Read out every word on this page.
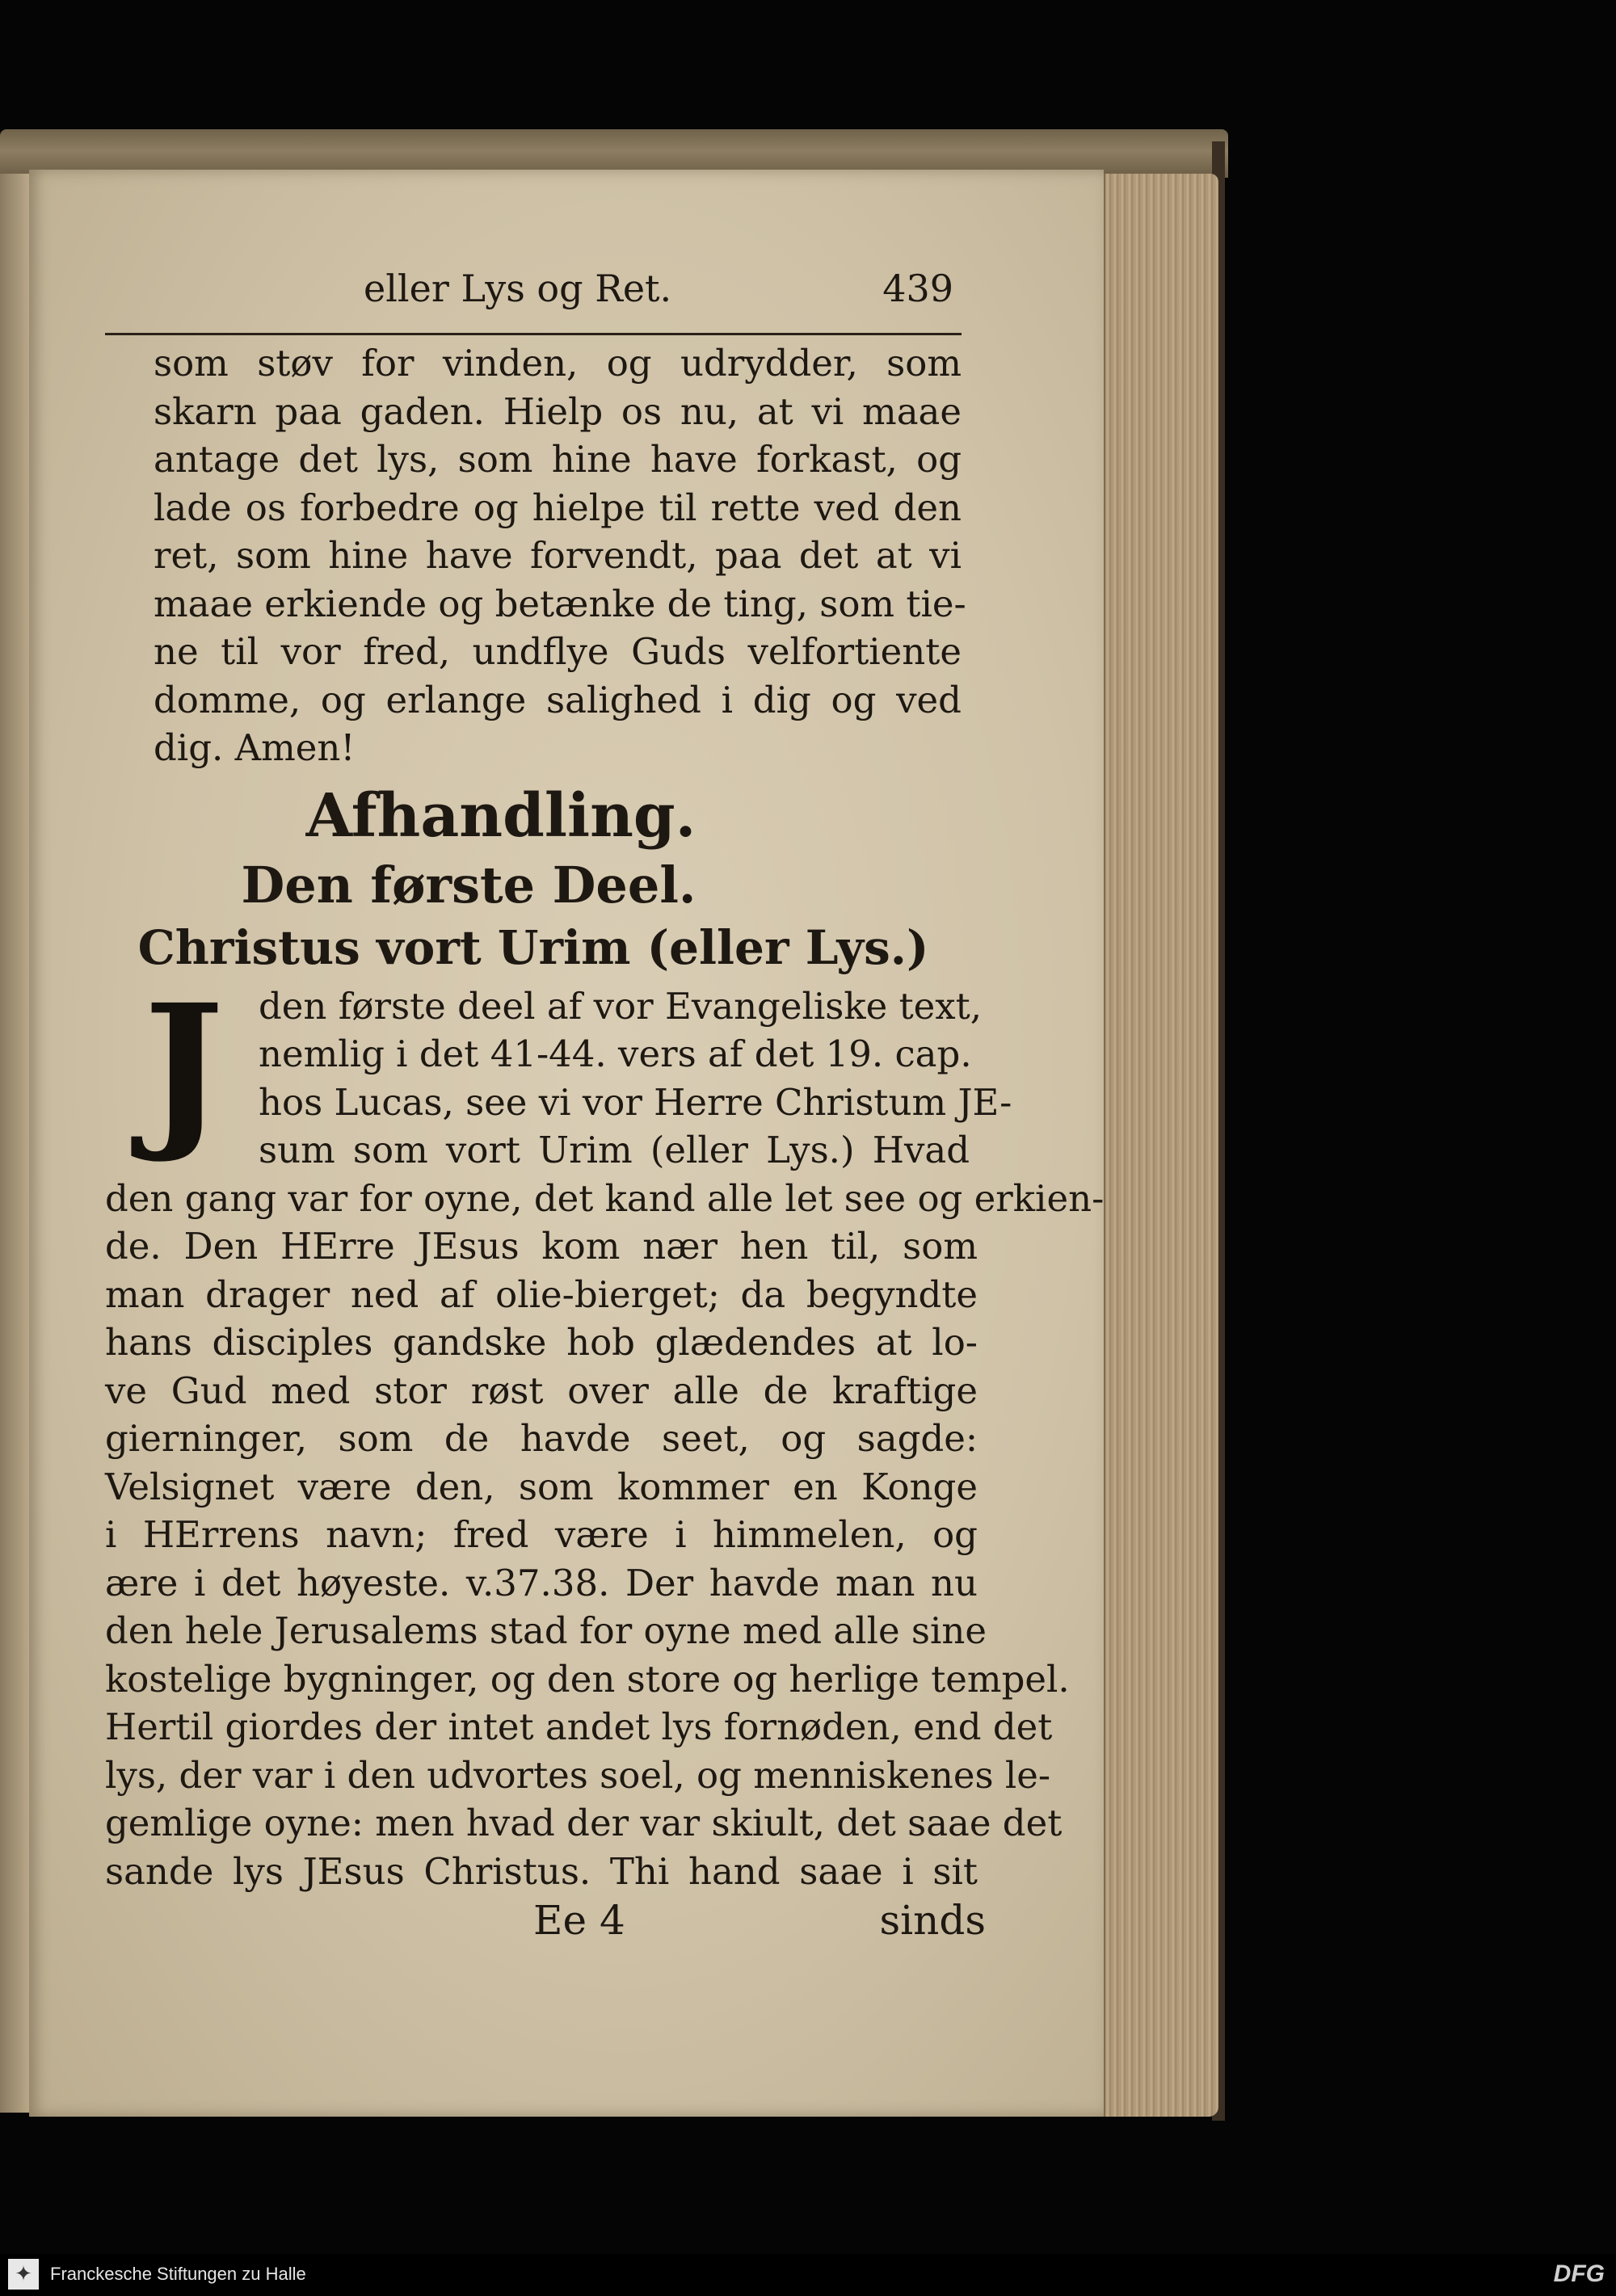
eller Lys og Ret.	439
som støv for vinden, og udrydder, som
skarn paa gaden. Hielp os nu, at vi maae
antage det lys, som hine have forkast, og
lade os forbedre og hielpe til rette ved den
ret, som hine have forvendt, paa det at vi
maae erkiende og betænke de ting, som tie-
ne til vor fred, undflye Guds velfortiente
domme, og erlange salighed i dig og ved
dig. Amen!
Afhandling.
Den første Deel.
Christus vort Urim (eller Lys.)
J den første deel af vor Evangeliske text,
nemlig i det 41-44. vers af det 19. cap.
hos Lucas, see vi vor Herre Christum JE-
sum som vort Urim (eller Lys.) Hvad
den gang var for oyne, det kand alle let see og erkien-
de. Den HErre JEsus kom nær hen til, som
man drager ned af olie-bierget; da begyndte
hans disciples gandske hob glædendes at lo-
ve Gud med stor røst over alle de kraftige
gierninger, som de havde seet, og sagde:
Velsignet være den, som kommer en Konge
i HErrens navn; fred være i himmelen, og
ære i det høyeste. v.37.38. Der havde man nu
den hele Jerusalems stad for oyne med alle sine
kostelige bygninger, og den store og herlige tempel.
Hertil giordes der intet andet lys fornøden, end det
lys, der var i den udvortes soel, og menniskenes le-
gemlige oyne: men hvad der var skiult, det saae det
sande lys JEsus Christus. Thi hand saae i sit
Ee 4	sinds
✦	Franckesche Stiftungen zu Halle	DFG
